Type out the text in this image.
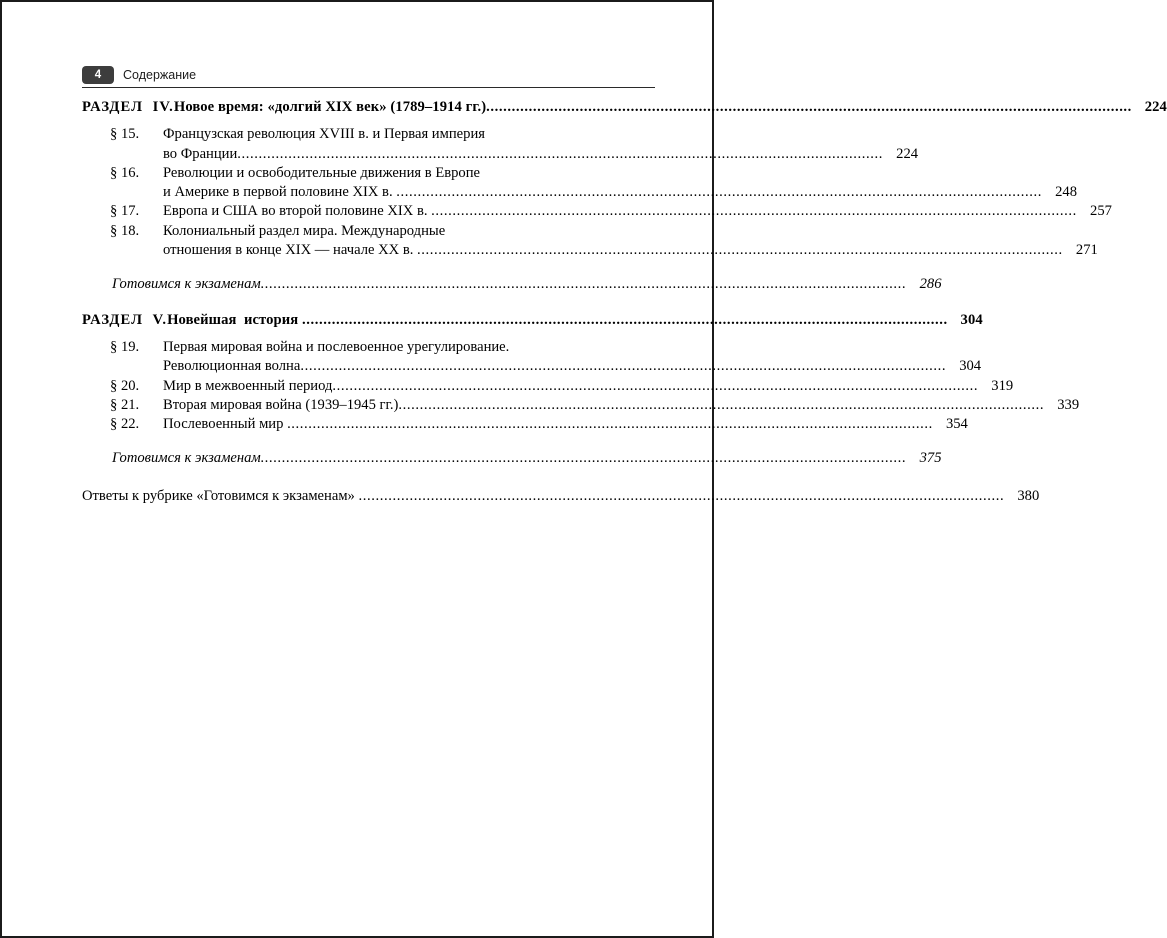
4	Содержание
РАЗДЕЛ  IV.Новое время: «долгий XIX век» (1789–1914 гг.) .....	224
§ 15. Французская революция XVIII в. и Первая империя
во Франции .....	224
§ 16. Революции и освободительные движения в Европе
и Америке в первой половине XIX в. .....	248
§ 17. Европа и США во второй половине XIX в. .....	257
§ 18. Колониальный раздел мира. Международные
отношения в конце XIX — начале XX в. .....	271
Готовимся к экзаменам .....	286
РАЗДЕЛ  V.Новейшая  история .....	304
§ 19. Первая мировая война и послевоенное урегулирование.
Революционная волна .....	304
§ 20. Мир в межвоенный период .....	319
§ 21. Вторая мировая война (1939–1945 гг.) .....	339
§ 22. Послевоенный мир .....	354
Готовимся к экзаменам .....	375
Ответы к рубрике «Готовимся к экзаменам» .....	380
